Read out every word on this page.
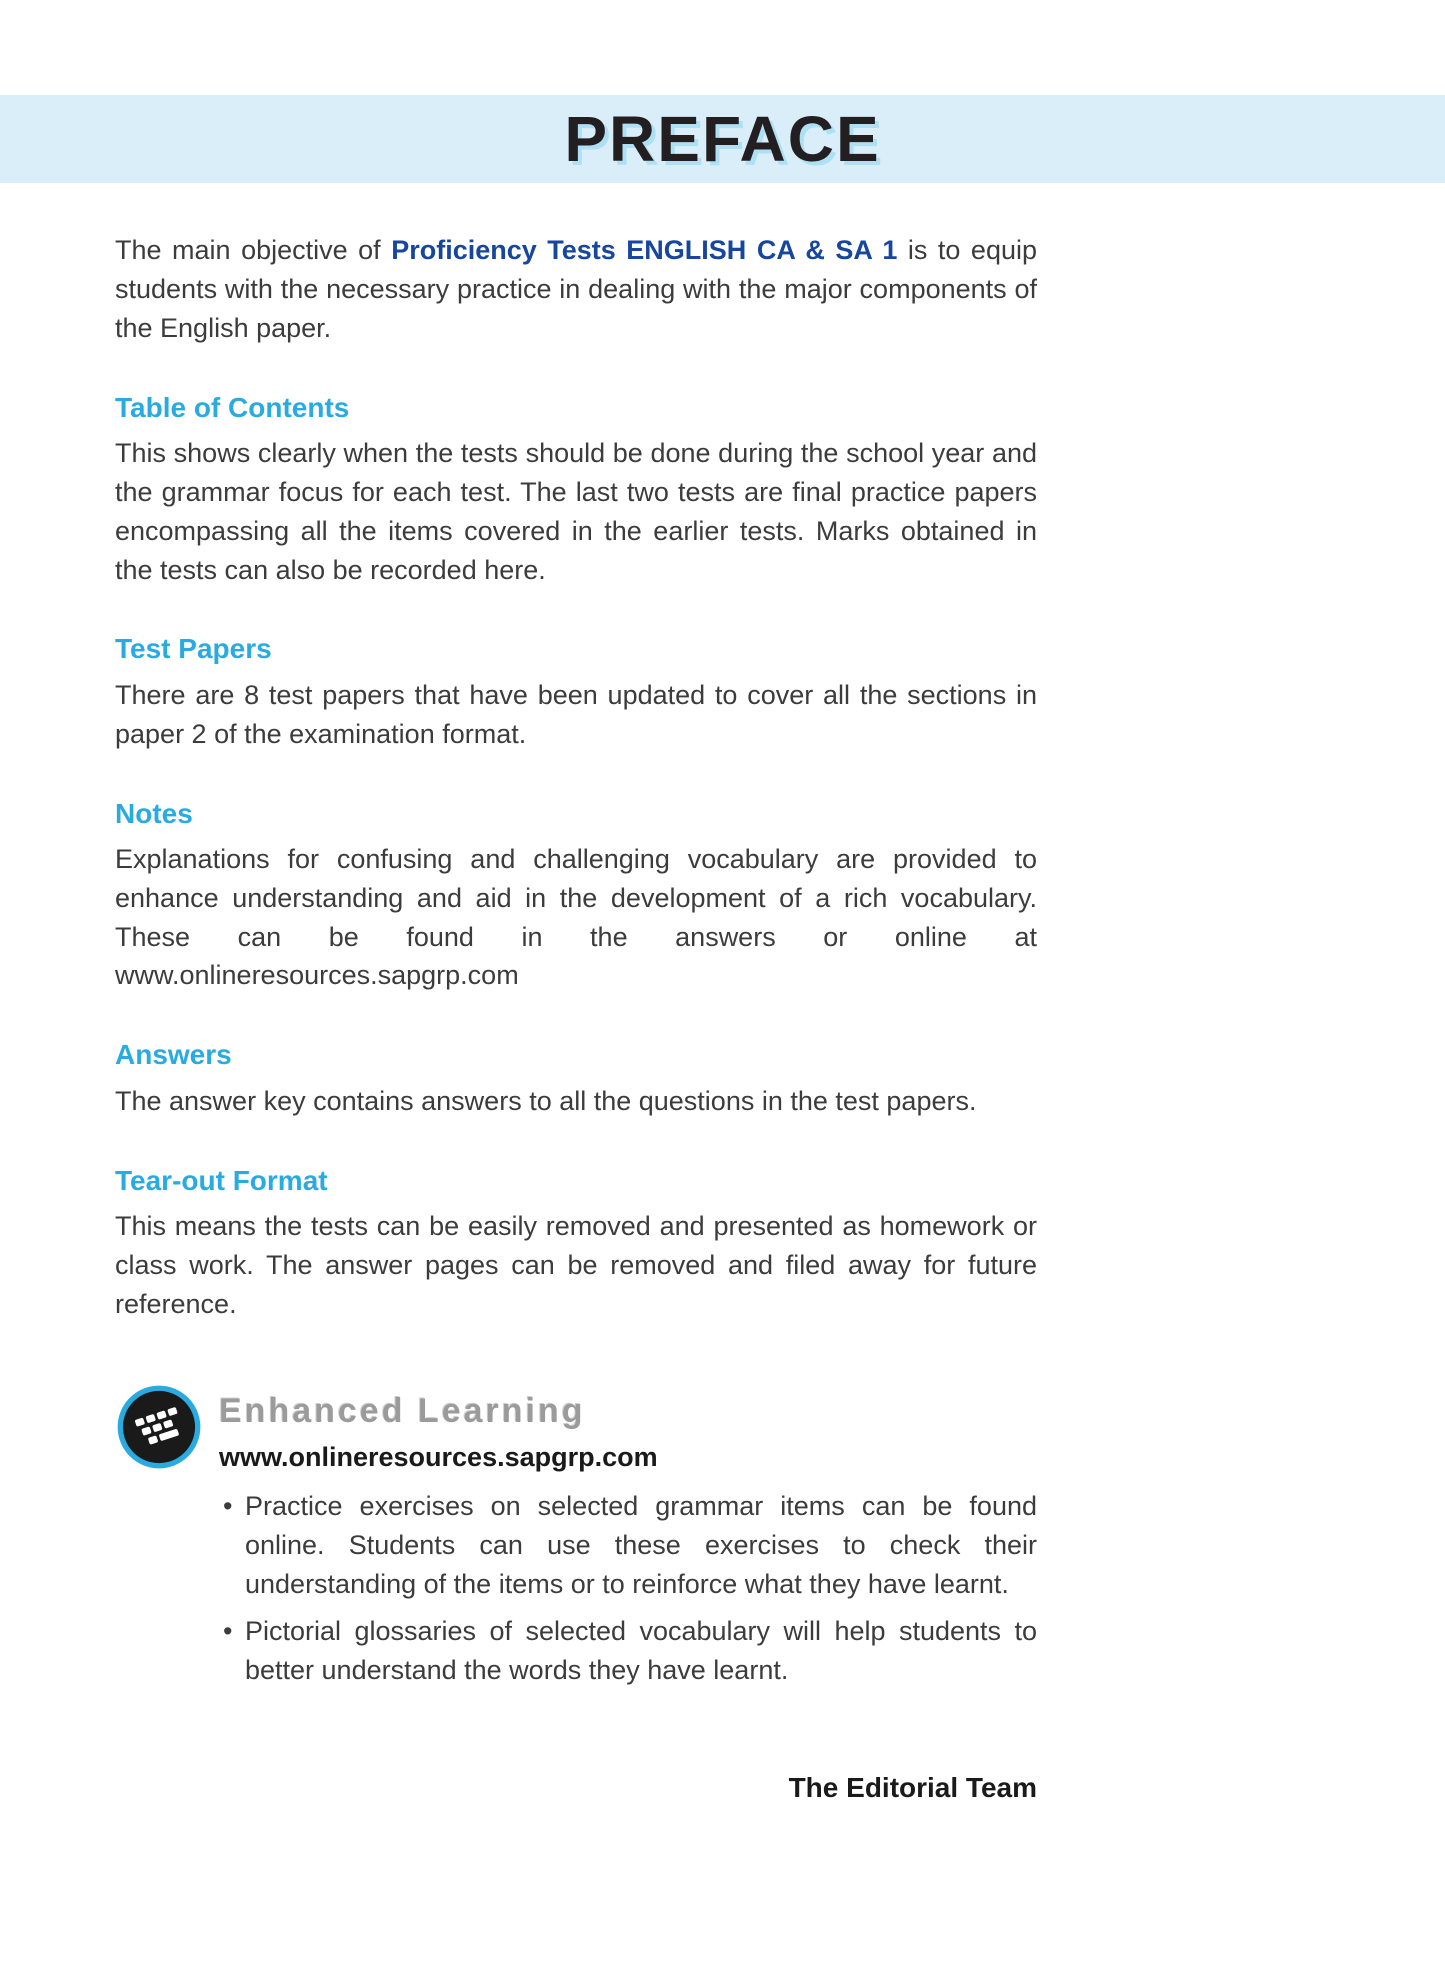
PREFACE

The main objective of Proficiency Tests ENGLISH CA & SA 1 is to equip students with the necessary practice in dealing with the major components of the English paper.

Table of Contents

This shows clearly when the tests should be done during the school year and the grammar focus for each test. The last two tests are final practice papers encompassing all the items covered in the earlier tests. Marks obtained in the tests can also be recorded here.

Test Papers

There are 8 test papers that have been updated to cover all the sections in paper 2 of the examination format.

Notes

Explanations for confusing and challenging vocabulary are provided to enhance understanding and aid in the development of a rich vocabulary. These can be found in the answers or online at www.onlineresources.sapgrp.com

Answers

The answer key contains answers to all the questions in the test papers.

Tear-out Format

This means the tests can be easily removed and presented as homework or class work. The answer pages can be removed and filed away for future reference.

Enhanced Learning
www.onlineresources.sapgrp.com
• Practice exercises on selected grammar items can be found online. Students can use these exercises to check their understanding of the items or to reinforce what they have learnt.
• Pictorial glossaries of selected vocabulary will help students to better understand the words they have learnt.
The Editorial Team
